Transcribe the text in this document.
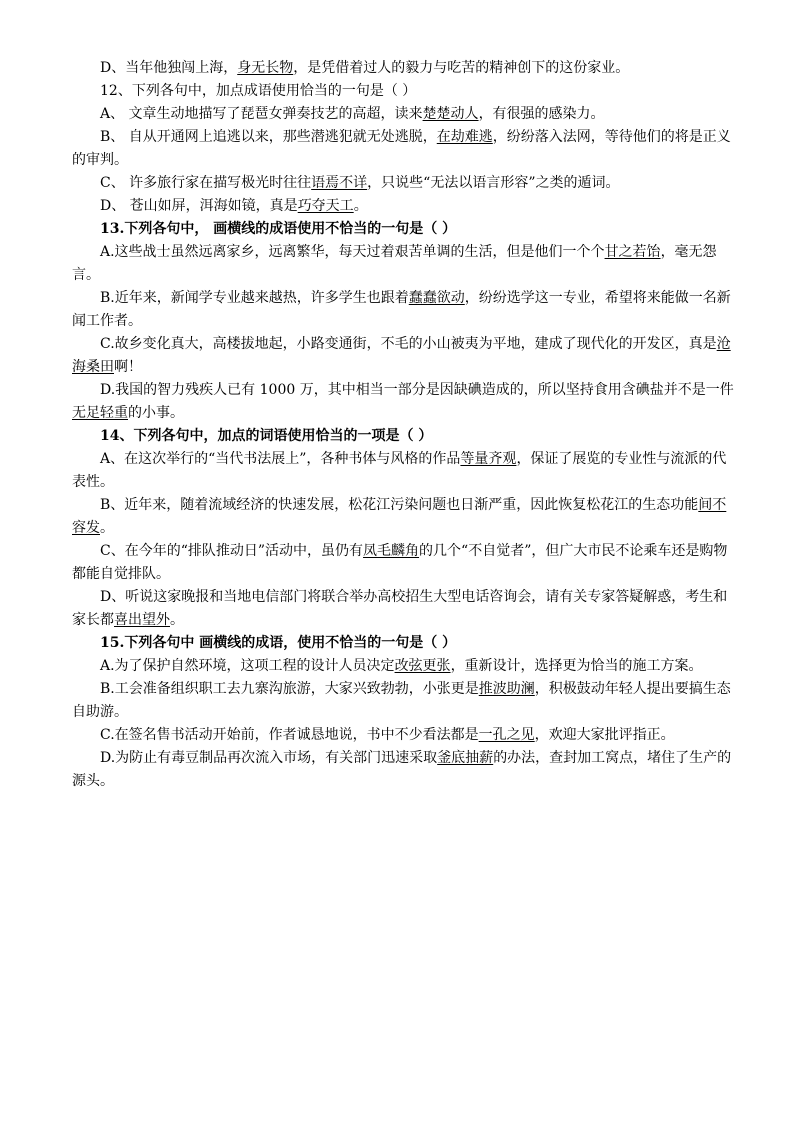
D、当年他独闯上海，身无长物，是凭借着过人的毅力与吃苦的精神创下的这份家业。

12、下列各句中，加点成语使用恰当的一句是（ ）

A、 文章生动地描写了琵琶女弹奏技艺的高超，读来楚楚动人，有很强的感染力。

B、 自从开通网上追逃以来，那些潜逃犯就无处逃脱，在劫难逃，纷纷落入法网，等待他们的将是正义的审判。

C、 许多旅行家在描写极光时往往语焉不详，只说些“无法以语言形容”之类的遁词。

D、 苍山如屏，洱海如镜，真是巧夺天工。

13.下列各句中， 画横线的成语使用不恰当的一句是（ ）

A.这些战士虽然远离家乡，远离繁华，每天过着艰苦单调的生活，但是他们一个个甘之若饴，毫无怨言。

B.近年来，新闻学专业越来越热，许多学生也跟着蠢蠢欲动，纷纷选学这一专业，希望将来能做一名新闻工作者。

C.故乡变化真大，高楼拔地起，小路变通街，不毛的小山被夷为平地，建成了现代化的开发区，真是沧海桑田啊！

D.我国的智力残疾人已有 1000 万，其中相当一部分是因缺碘造成的，所以坚持食用含碘盐并不是一件无足轻重的小事。

14、下列各句中，加点的词语使用恰当的一项是（ ）

A、在这次举行的“当代书法展上”，各种书体与风格的作品等量齐观，保证了展览的专业性与流派的代表性。

B、近年来，随着流域经济的快速发展，松花江污染问题也日渐严重，因此恢复松花江的生态功能间不容发。

C、在今年的“排队推动日”活动中，虽仍有凤毛麟角的几个“不自觉者”，但广大市民不论乘车还是购物都能自觉排队。

D、听说这家晚报和当地电信部门将联合举办高校招生大型电话咨询会，请有关专家答疑解惑，考生和家长都喜出望外。

15.下列各句中 画横线的成语，使用不恰当的一句是（ ）

A.为了保护自然环境，这项工程的设计人员决定改弦更张，重新设计，选择更为恰当的施工方案。

B.工会准备组织职工去九寨沟旅游，大家兴致勃勃，小张更是推波助澜，积极鼓动年轻人提出要搞生态自助游。

C.在签名售书活动开始前，作者诚恳地说，书中不少看法都是一孔之见，欢迎大家批评指正。

D.为防止有毒豆制品再次流入市场，有关部门迅速采取釜底抽薪的办法，查封加工窝点，堵住了生产的源头。
